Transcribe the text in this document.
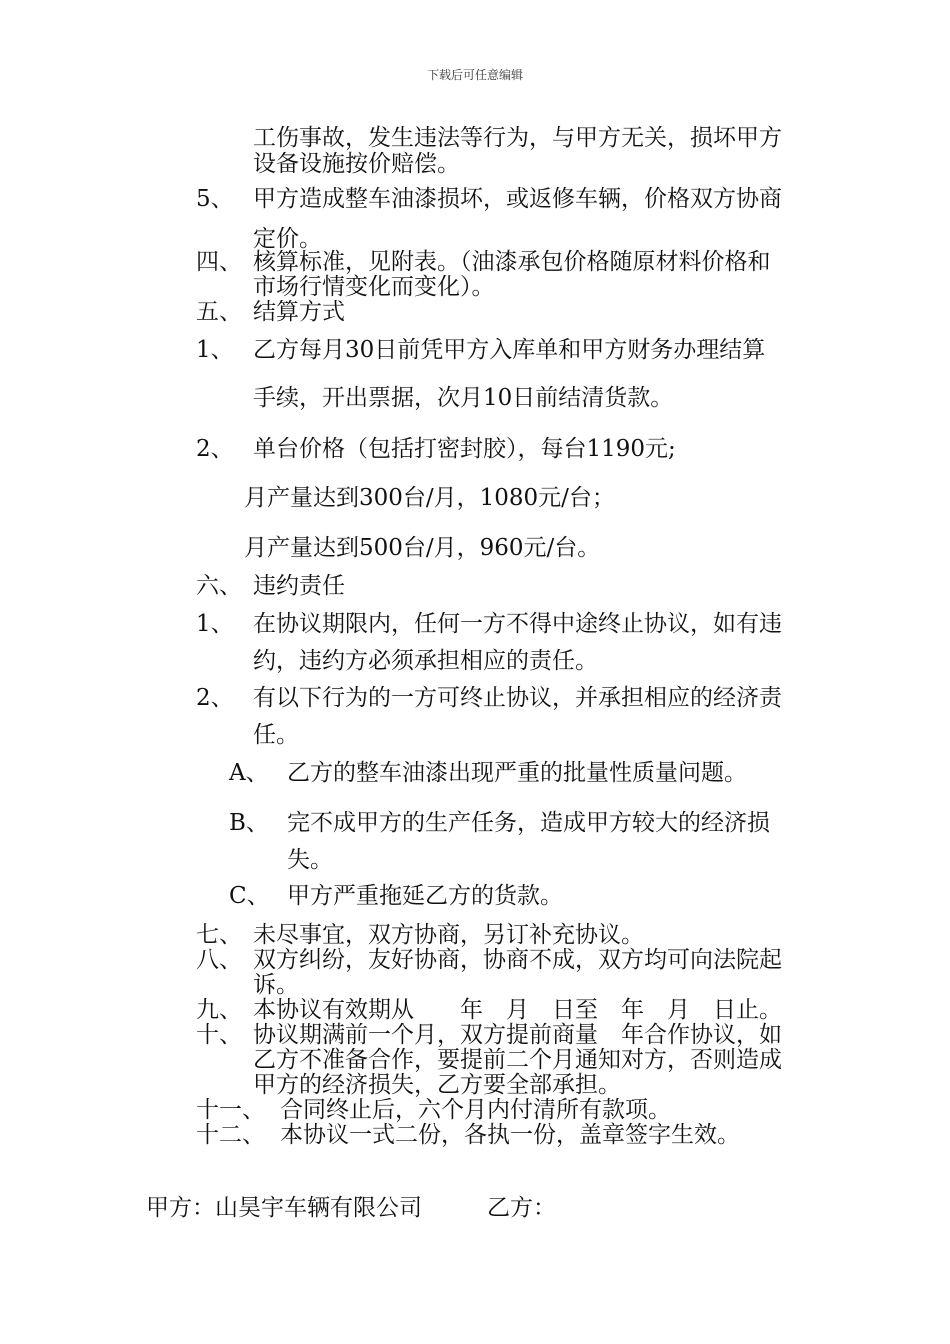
下载后可任意编辑
工伤事故，发生违法等行为，与甲方无关，损坏甲方
设备设施按价赔偿。
5、 甲方造成整车油漆损坏，或返修车辆，价格双方协商
定价。
四、 核算标准，见附表。（油漆承包价格随原材料价格和
市场行情变化而变化）。
五、 结算方式
1、 乙方每月30日前凭甲方入库单和甲方财务办理结算
手续，开出票据，次月10日前结清货款。
2、 单台价格（包括打密封胶），每台1190元;
月产量达到300台/月，1080元/台；
月产量达到500台/月，960元/台。
六、 违约责任
1、 在协议期限内，任何一方不得中途终止协议，如有违
约，违约方必须承担相应的责任。
2、 有以下行为的一方可终止协议，并承担相应的经济责
任。
A、 乙方的整车油漆出现严重的批量性质量问题。
B、 完不成甲方的生产任务，造成甲方较大的经济损
失。
C、 甲方严重拖延乙方的货款。
七、 未尽事宜，双方协商，另订补充协议。
八、 双方纠纷，友好协商，协商不成，双方均可向法院起
诉。
九、 本协议有效期从　　年　月　日至　年　月　日止。
十、 协议期满前一个月，双方提前商量　年合作协议，如
乙方不准备合作，要提前二个月通知对方，否则造成
甲方的经济损失，乙方要全部承担。
十一、 合同终止后，六个月内付清所有款项。
十二、 本协议一式二份，各执一份，盖章签字生效。
甲方：山昊宇车辆有限公司	乙方：
